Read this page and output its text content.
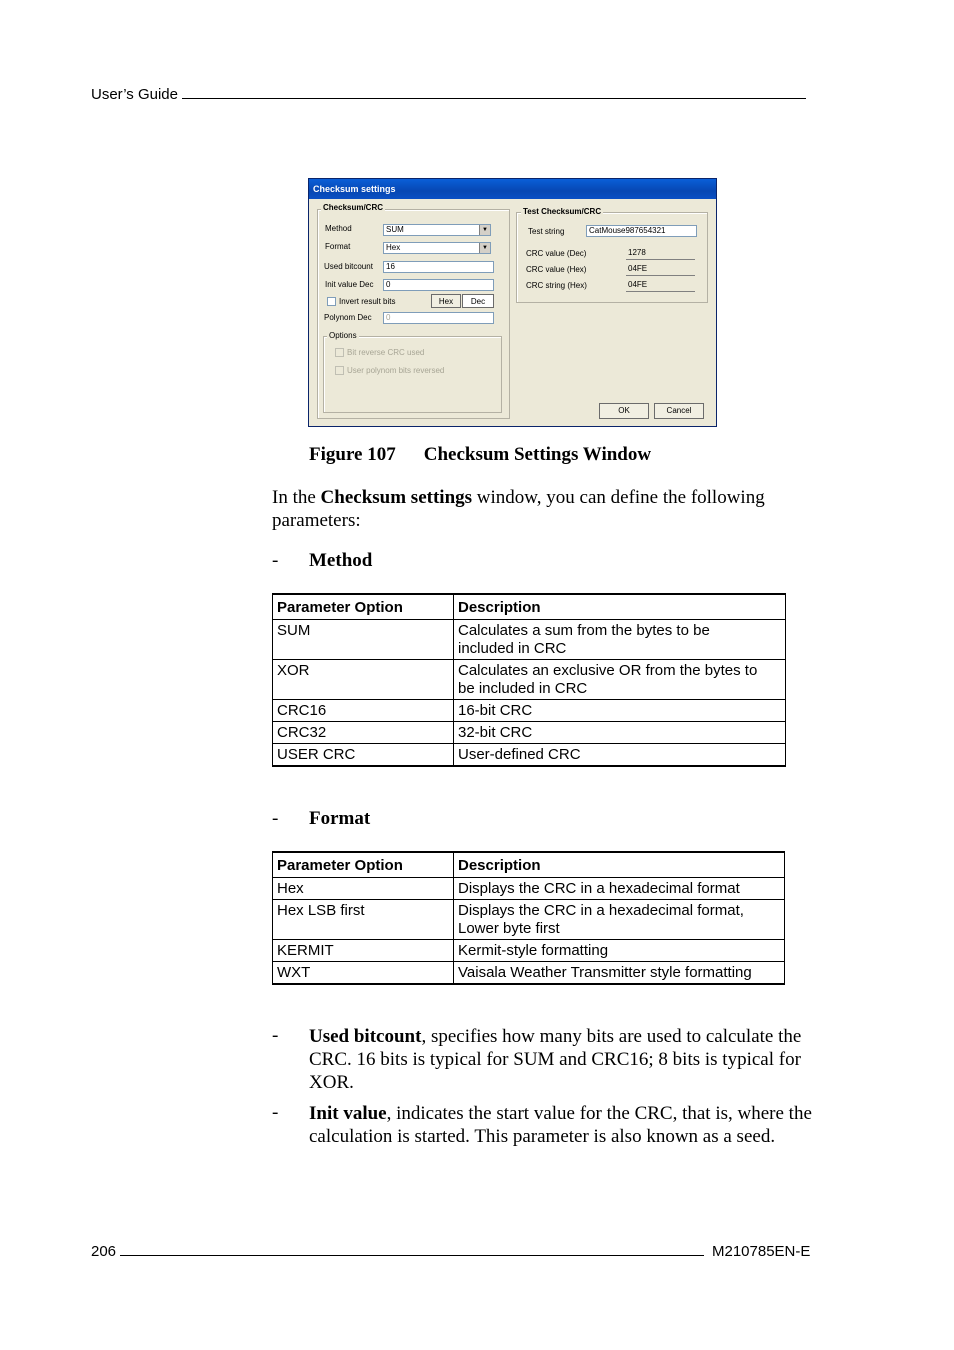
User’s Guide
Checksum settings
Checksum/CRC
Method	SUM	▼
Format	Hex	▼
Used bitcount	16
Init value Dec	0
Invert result bits	Hex	Dec
Polynom Dec	0
Options
Bit reverse CRC used
User polynom bits reversed
Test Checksum/CRC
Test string	CatMouse987654321
CRC value (Dec)	1278
CRC value (Hex)	04FE
CRC string (Hex)	04FE
OK	Cancel
Figure 107 Checksum Settings Window
In the Checksum settings window, you can define the following
parameters:
- Method
Parameter Option	Description
SUM	Calculates a sum from the bytes to be
included in CRC

XOR	Calculates an exclusive OR from the bytes to
be included in CRC

CRC16	16-bit CRC
CRC32	32-bit CRC
USER CRC	User-defined CRC
- Format
Parameter Option	Description
Hex	Displays the CRC in a hexadecimal format
Hex LSB first	Displays the CRC in a hexadecimal format,
Lower byte first

KERMIT	Kermit-style formatting
WXT	Vaisala Weather Transmitter style formatting
- Used bitcount, specifies how many bits are used to calculate the
CRC. 16 bits is typical for SUM and CRC16; 8 bits is typical for
XOR.
- Init value, indicates the start value for the CRC, that is, where the
calculation is started. This parameter is also known as a seed.
206	M210785EN-E
